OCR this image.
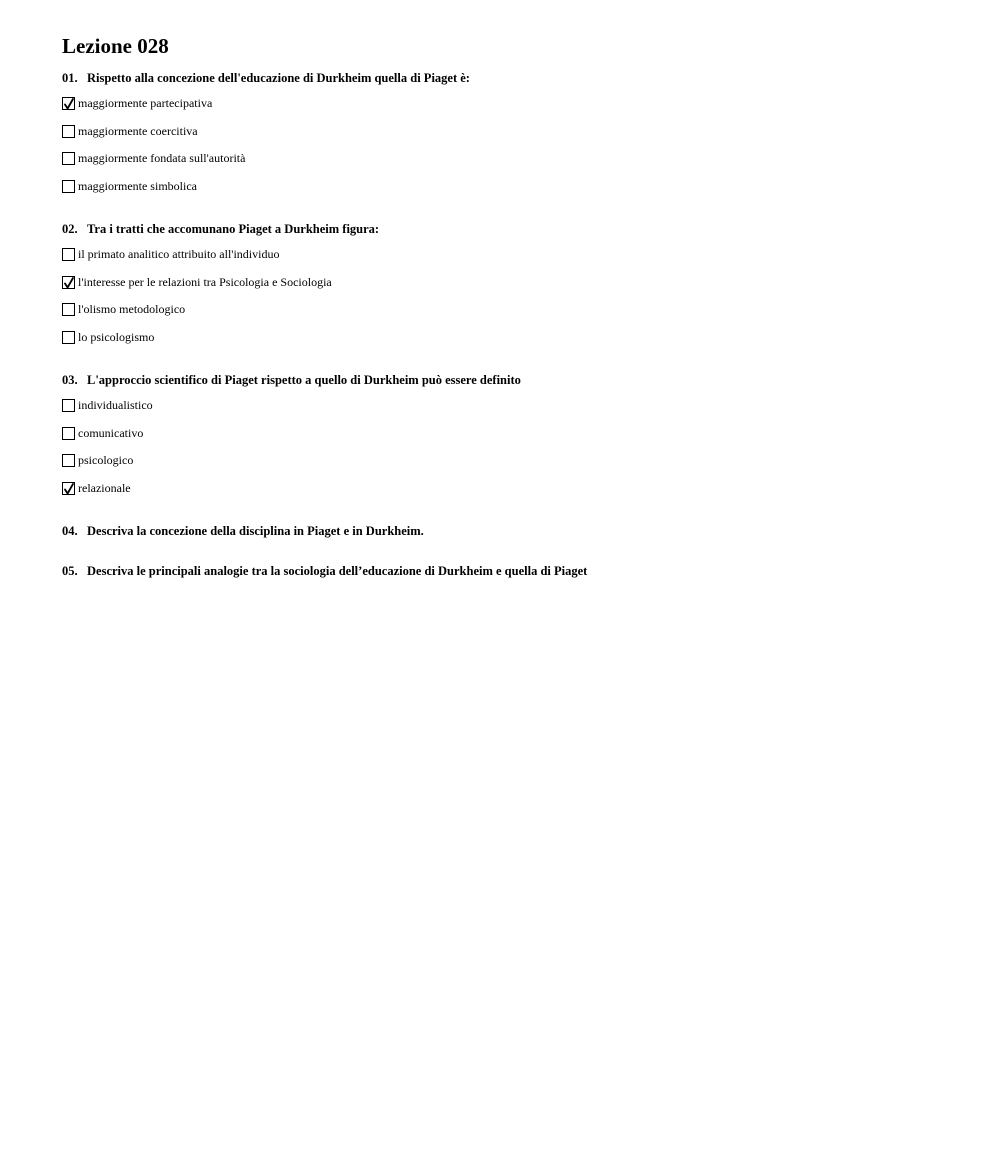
Lezione 028
01. Rispetto alla concezione dell'educazione di Durkheim quella di Piaget è:
maggiormente partecipativa
maggiormente coercitiva
maggiormente fondata sull'autorità
maggiormente simbolica
02. Tra i tratti che accomunano Piaget a Durkheim figura:
il primato analitico attribuito all'individuo
l'interesse per le relazioni tra Psicologia e Sociologia
l'olismo metodologico
lo psicologismo
03. L'approccio scientifico di Piaget rispetto a quello di Durkheim può essere definito
individualistico
comunicativo
psicologico
relazionale
04. Descriva la concezione della disciplina in Piaget e in Durkheim.
05. Descriva le principali analogie tra la sociologia dell’educazione di Durkheim e quella di Piaget
